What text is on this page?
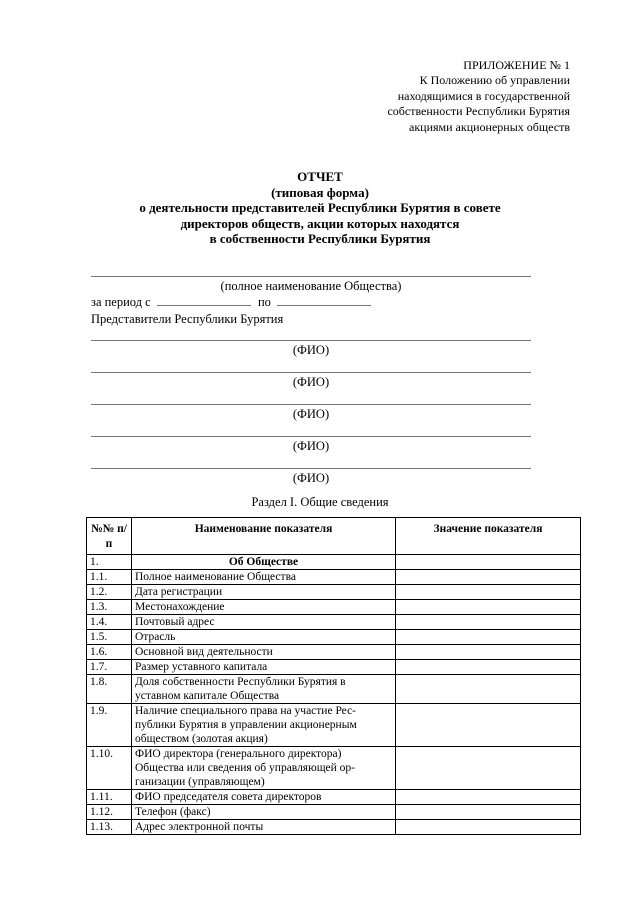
ПРИЛОЖЕНИЕ № 1
К Положению об управлении
находящимися в государственной
собственности Республики Бурятия
акциями акционерных обществ
ОТЧЕТ
(типовая форма)
о деятельности представителей Республики Бурятия в совете
директоров обществ, акции которых находятся
в собственности Республики Бурятия
(полное наименование Общества)
за период с	по
Представители Республики Бурятия
(ФИО)
(ФИО)
(ФИО)
(ФИО)
(ФИО)
Раздел I. Общие сведения
№№ п/п	Наименование показателя	Значение показателя
1.	Об Обществе	
1.1.	Полное наименование Общества	
1.2.	Дата регистрации	
1.3.	Местонахождение	
1.4.	Почтовый адрес	
1.5.	Отрасль	
1.6.	Основной вид деятельности	
1.7.	Размер уставного капитала	
1.8.	Доля собственности Республики Бурятия в уставном капитале Общества	
1.9.	Наличие специального права на участие Рес-публики Бурятия в управлении акционерным обществом (золотая акция)	
1.10.	ФИО директора (генерального директора) Общества или сведения об управляющей ор-ганизации (управляющем)	
1.11.	ФИО председателя совета директоров	
1.12.	Телефон (факс)	
1.13.	Адрес электронной почты	
